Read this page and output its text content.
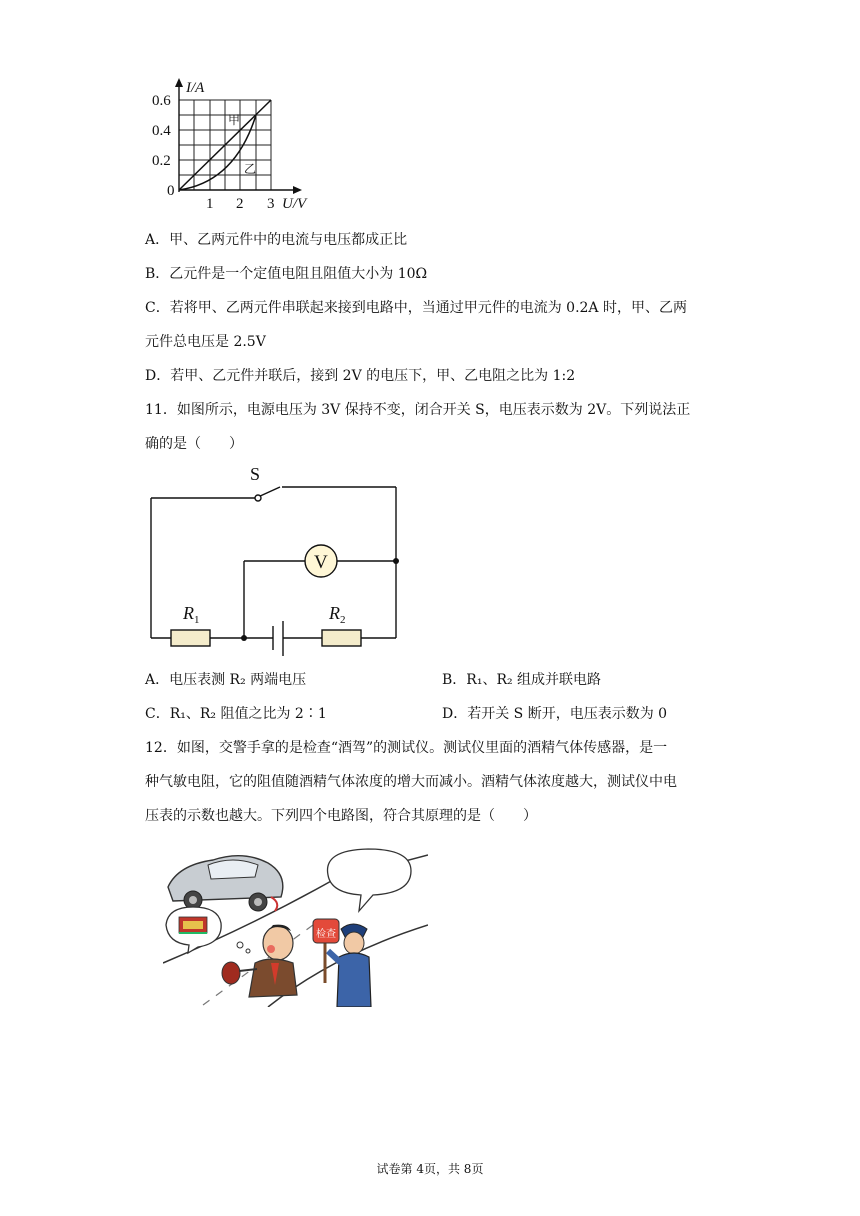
I/A
U/V
0.6
0.4
0.2
0
1 2 3
甲
乙
A．甲、乙两元件中的电流与电压都成正比
B．乙元件是一个定值电阻且阻值大小为 10Ω
C．若将甲、乙两元件串联起来接到电路中，当通过甲元件的电流为 0.2A 时，甲、乙两
元件总电压是 2.5V
D．若甲、乙元件并联后，接到 2V 的电压下，甲、乙电阻之比为 1:2
11．如图所示，电源电压为 3V 保持不变，闭合开关 S，电压表示数为 2V。下列说法正
确的是（　　）
V
S
$R_1$	$R_2$
A．电压表测 R₂ 两端电压	B．R₁、R₂ 组成并联电路
C．R₁、R₂ 阻值之比为 2∶1	D．若开关 S 断开，电压表示数为 0
12．如图，交警手拿的是检查“酒驾”的测试仪。测试仪里面的酒精气体传感器，是一
种气敏电阻，它的阻值随酒精气体浓度的增大而减小。酒精气体浓度越大，测试仪中电
压表的示数也越大。下列四个电路图，符合其原理的是（　　）
检查
试卷第 4页，共 8页
